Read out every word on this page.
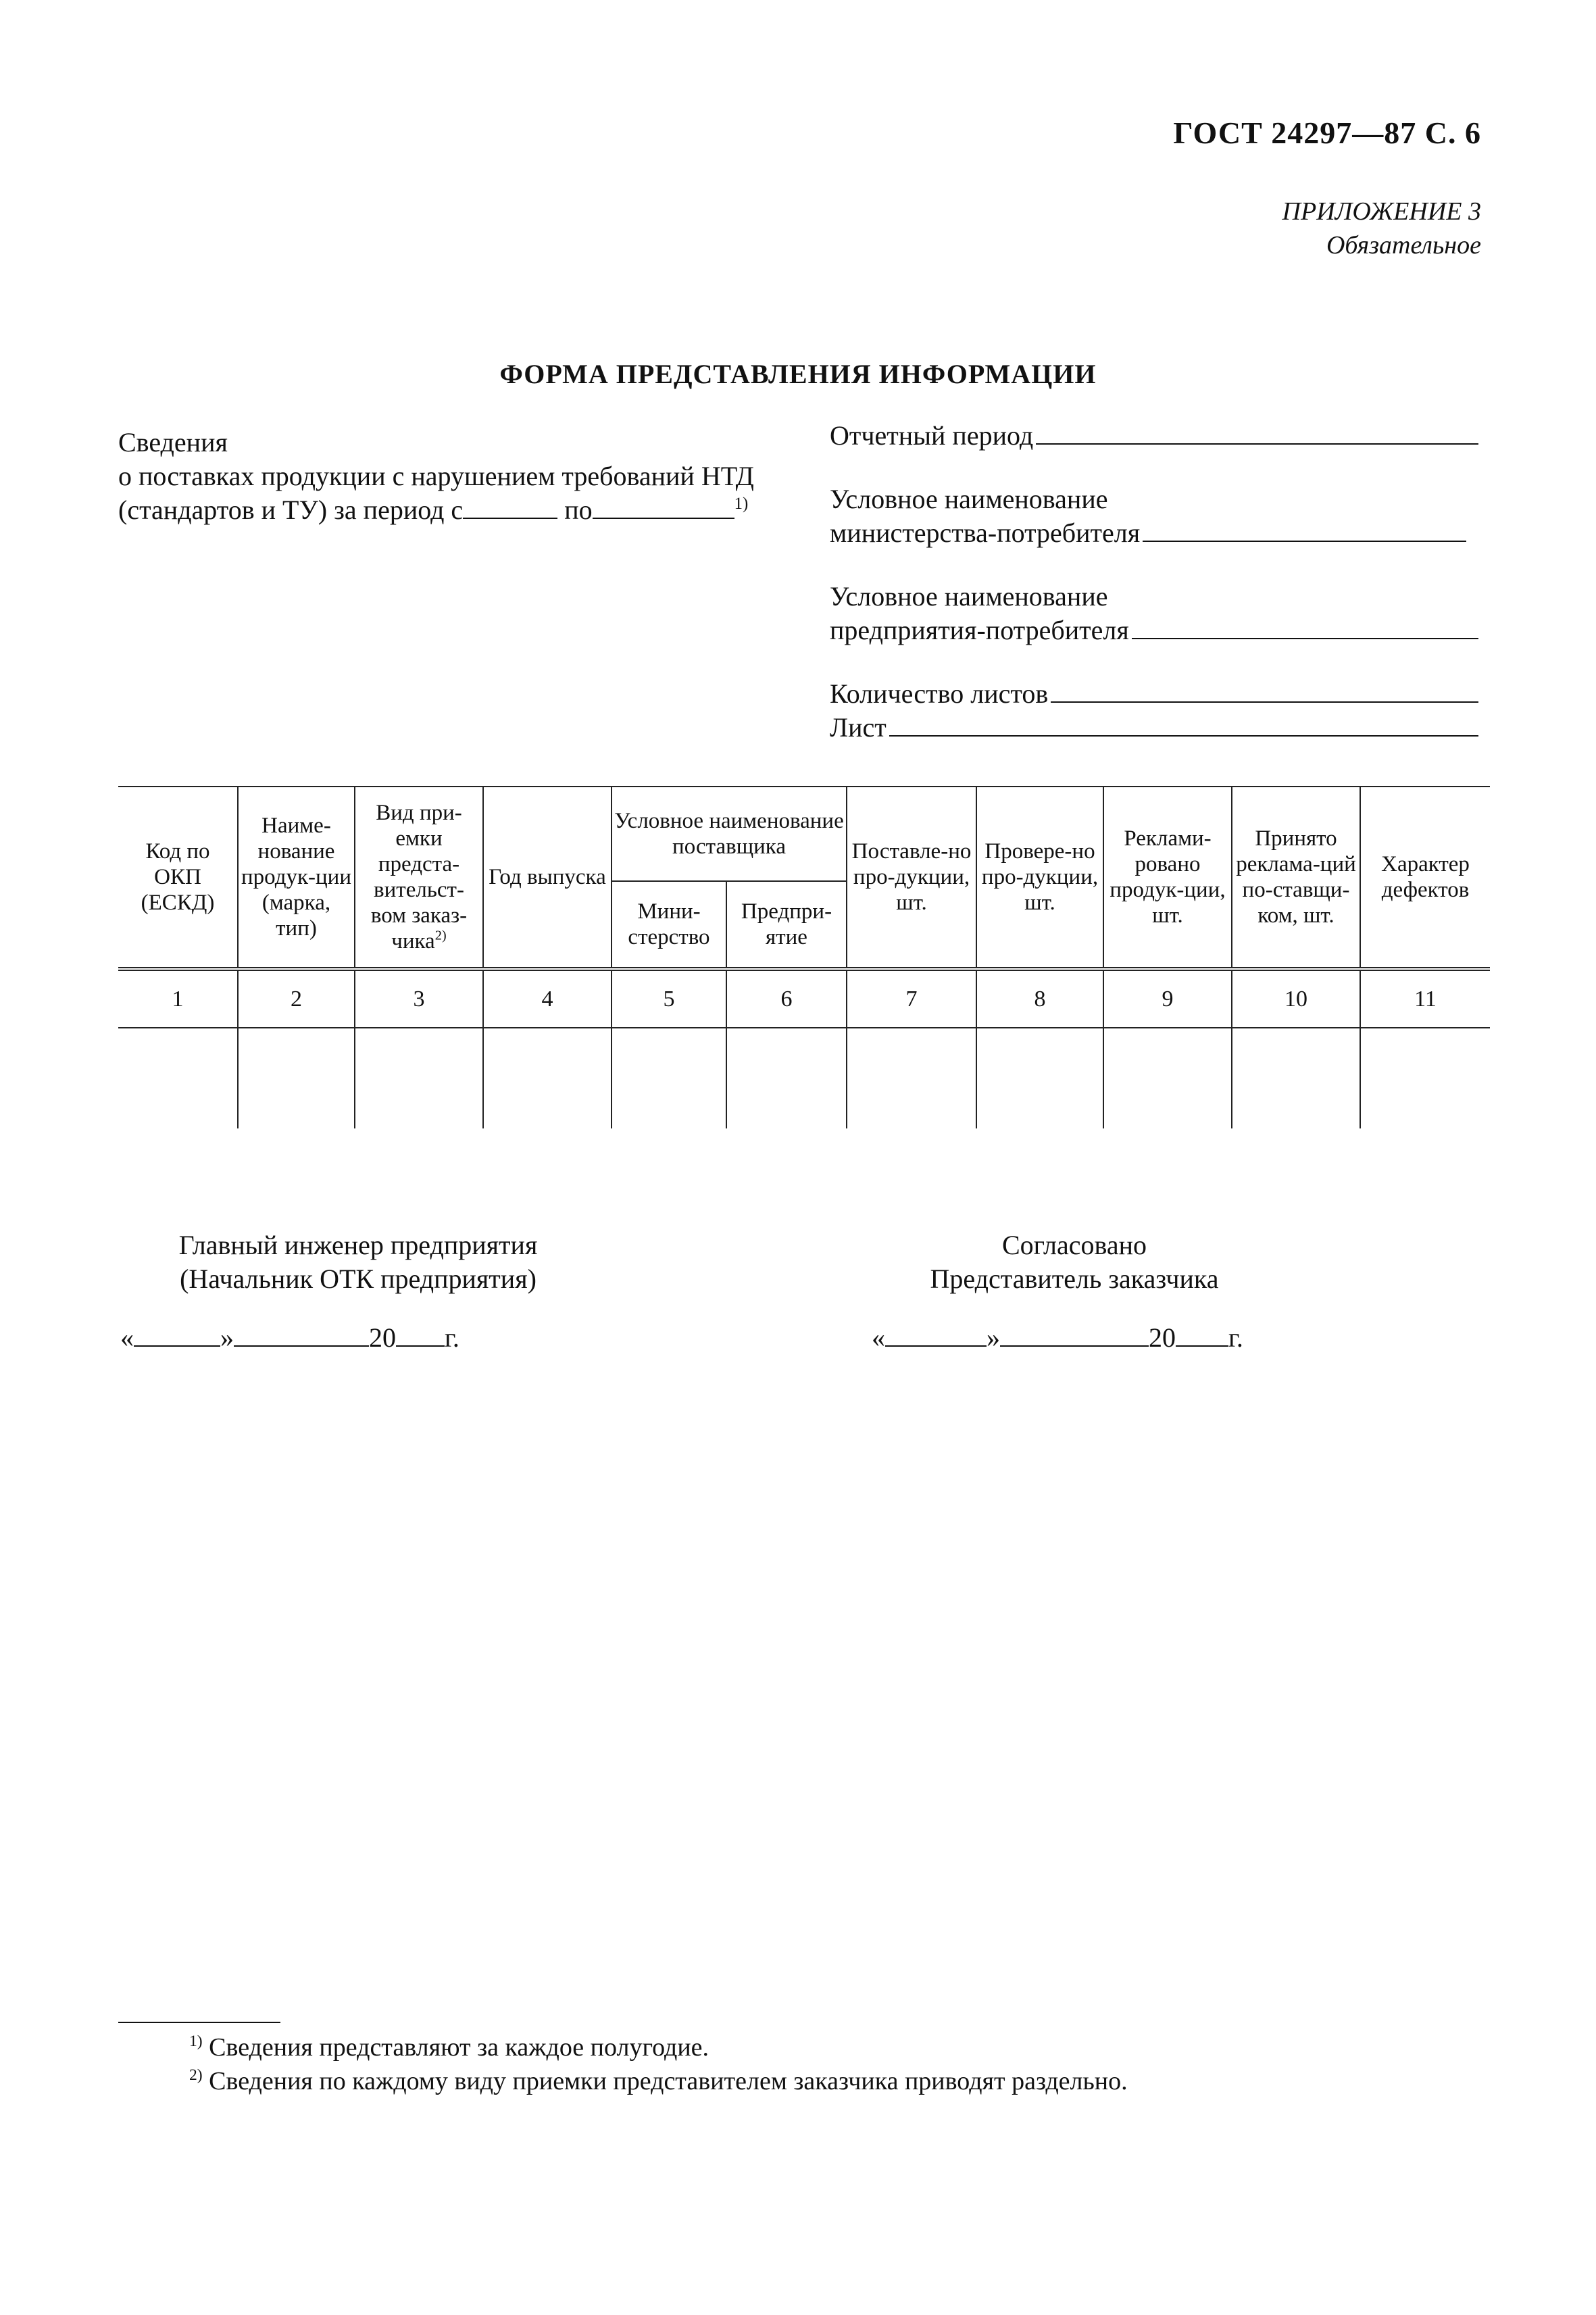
ГОСТ 24297—87 С. 6
ПРИЛОЖЕНИЕ 3
Обязательное
ФОРМА ПРЕДСТАВЛЕНИЯ ИНФОРМАЦИИ
Сведения
о поставках продукции с нарушением требований НТД
(стандартов и ТУ) за период с	по	$^{1)}$
Отчетный период
Условное наименование
министерства-потребителя
Условное наименование
предприятия-потребителя
Количество листов
Лист
Код по ОКП (ЕСКД)	Наиме-нование продук-ции (марка, тип)	Вид при-емки предста-вительст-вом заказ-чика$^{2)}$	Год выпуска	Условное наименование поставщика		Поставле-но про-дукции, шт.	Провере-но про-дукции, шт.	Реклами-ровано продук-ции, шт.	Принято реклама-ций по-ставщи-ком, шт.	Характер дефектов
				Мини-стерство	Предпри-ятие					
1	2	3	4	5	6	7	8	9	10	11

Главный инженер предприятия
(Начальник ОТК предприятия)
Согласовано
Представитель заказчика
«	»	20 г.	«	»	20 г.
$^{1)}$ Сведения представляют за каждое полугодие.
$^{2)}$ Сведения по каждому виду приемки представителем заказчика приводят раздельно.
